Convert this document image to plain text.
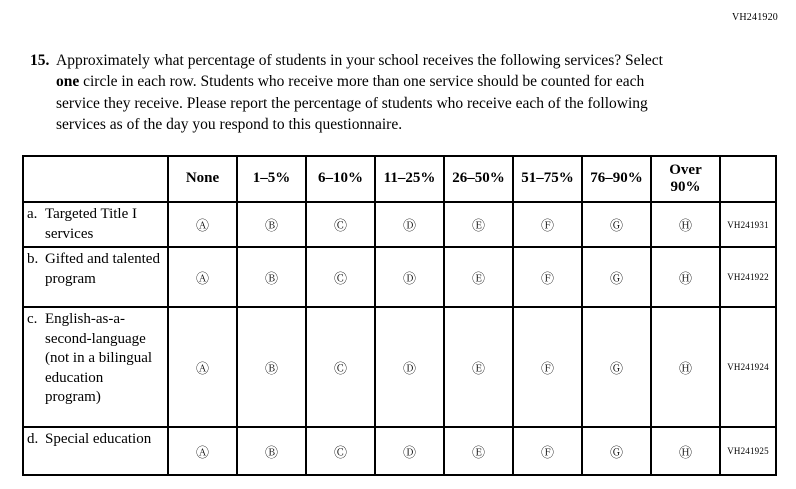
VH241920
15. Approximately what percentage of students in your school receives the following services? Select one circle in each row. Students who receive more than one service should be counted for each service they receive. Please report the percentage of students who receive each of the following services as of the day you respond to this questionnaire.
	None	1–5%	6–10%	11–25%	26–50%	51–75%	76–90%	Over 90%	

a. Targeted Title I services	Ⓐ	Ⓑ	Ⓒ	Ⓓ	Ⓔ	Ⓕ	Ⓖ	Ⓗ	VH241931

b. Gifted and talented program	Ⓐ	Ⓑ	Ⓒ	Ⓓ	Ⓔ	Ⓕ	Ⓖ	Ⓗ	VH241922

c. English-as-a-second-language (not in a bilingual education program)	Ⓐ	Ⓑ	Ⓒ	Ⓓ	Ⓔ	Ⓕ	Ⓖ	Ⓗ	VH241924

d. Special education	Ⓐ	Ⓑ	Ⓒ	Ⓓ	Ⓔ	Ⓕ	Ⓖ	Ⓗ	VH241925
